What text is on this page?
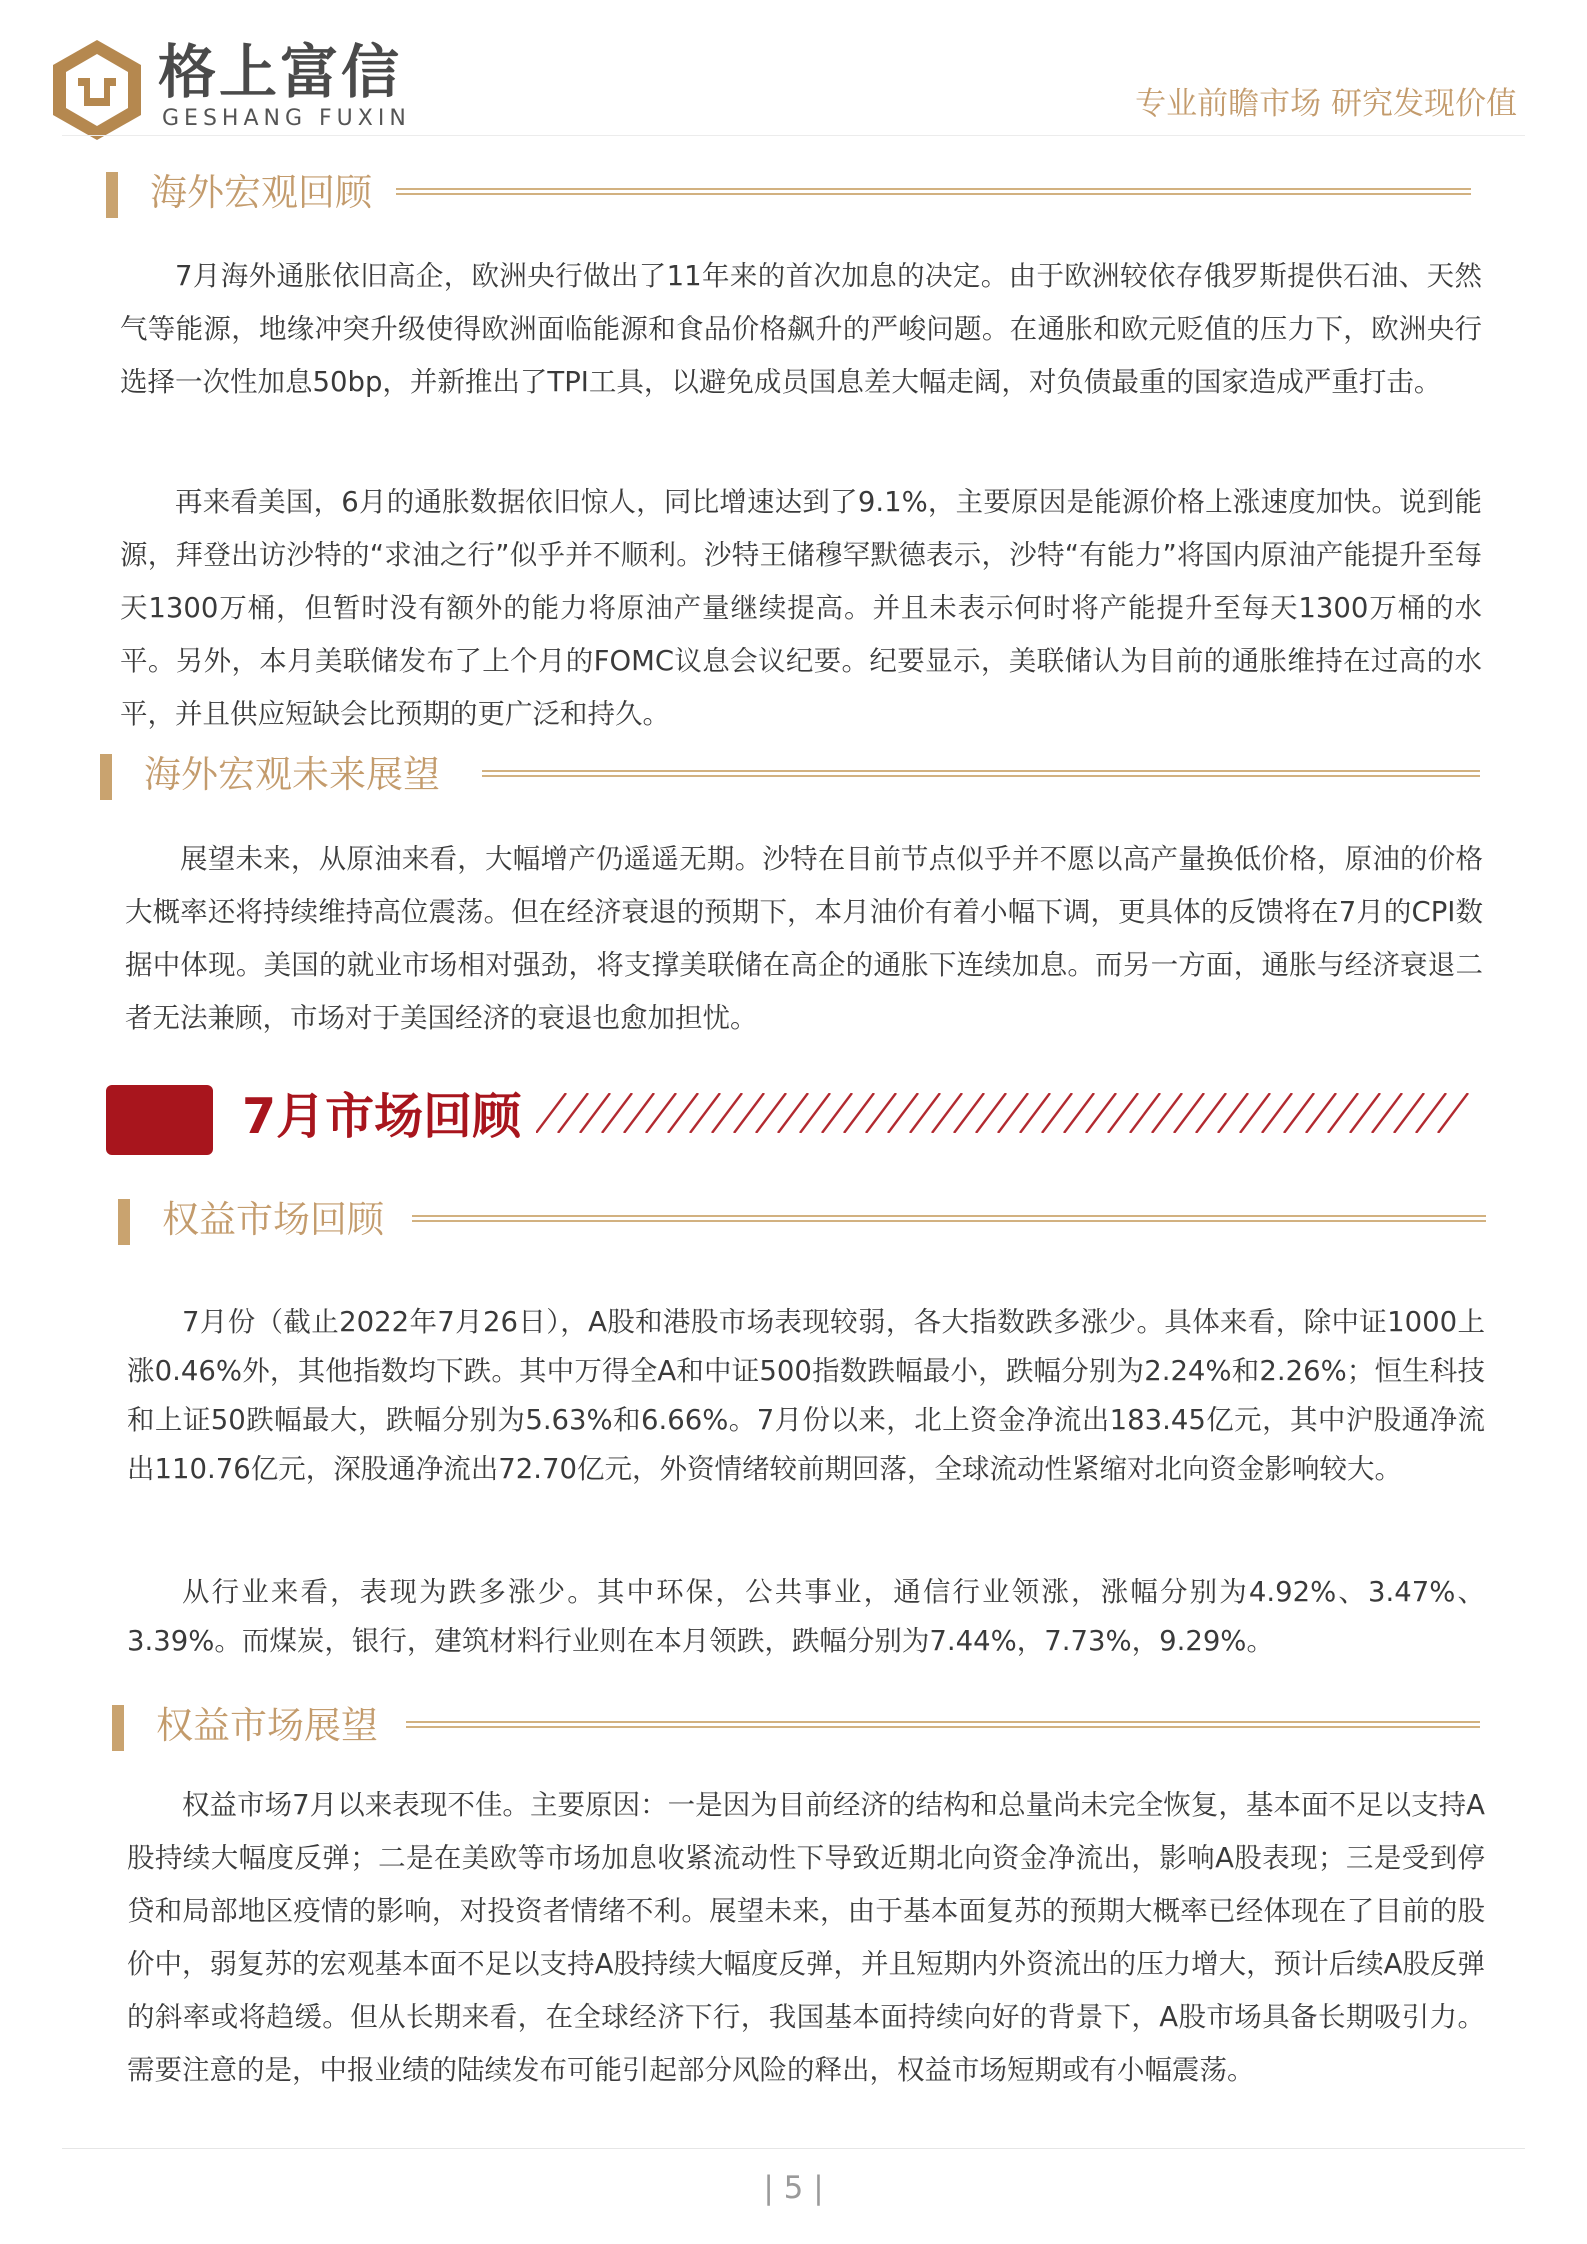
格上富信
GESHANG FUXIN	专业前瞻市场 研究发现价值
海外宏观回顾

7月海外通胀依旧高企，欧洲央行做出了11年来的首次加息的决定。由于欧洲较依存俄罗斯提供石油、天然气等能源，地缘冲突升级使得欧洲面临能源和食品价格飙升的严峻问题。在通胀和欧元贬值的压力下，欧洲央行选择一次性加息50bp，并新推出了TPI工具，以避免成员国息差大幅走阔，对负债最重的国家造成严重打击。

再来看美国，6月的通胀数据依旧惊人，同比增速达到了9.1%，主要原因是能源价格上涨速度加快。说到能源，拜登出访沙特的“求油之行”似乎并不顺利。沙特王储穆罕默德表示，沙特“有能力”将国内原油产能提升至每天1300万桶，但暂时没有额外的能力将原油产量继续提高。并且未表示何时将产能提升至每天1300万桶的水平。另外，本月美联储发布了上个月的FOMC议息会议纪要。纪要显示，美联储认为目前的通胀维持在过高的水平，并且供应短缺会比预期的更广泛和持久。

海外宏观未来展望

展望未来，从原油来看，大幅增产仍遥遥无期。沙特在目前节点似乎并不愿以高产量换低价格，原油的价格大概率还将持续维持高位震荡。但在经济衰退的预期下，本月油价有着小幅下调，更具体的反馈将在7月的CPI数据中体现。美国的就业市场相对强劲，将支撑美联储在高企的通胀下连续加息。而另一方面，通胀与经济衰退二者无法兼顾，市场对于美国经济的衰退也愈加担忧。

7月市场回顾
权益市场回顾

7月份（截止2022年7月26日），A股和港股市场表现较弱，各大指数跌多涨少。具体来看，除中证1000上涨0.46%外，其他指数均下跌。其中万得全A和中证500指数跌幅最小，跌幅分别为2.24%和2.26%；恒生科技和上证50跌幅最大，跌幅分别为5.63%和6.66%。7月份以来，北上资金净流出183.45亿元，其中沪股通净流出110.76亿元，深股通净流出72.70亿元，外资情绪较前期回落，全球流动性紧缩对北向资金影响较大。

从行业来看，表现为跌多涨少。其中环保，公共事业，通信行业领涨，涨幅分别为4.92%、3.47%、3.39%。而煤炭，银行，建筑材料行业则在本月领跌，跌幅分别为7.44%，7.73%，9.29%。

权益市场展望

权益市场7月以来表现不佳。主要原因：一是因为目前经济的结构和总量尚未完全恢复，基本面不足以支持A股持续大幅度反弹；二是在美欧等市场加息收紧流动性下导致近期北向资金净流出，影响A股表现；三是受到停贷和局部地区疫情的影响，对投资者情绪不利。展望未来，由于基本面复苏的预期大概率已经体现在了目前的股价中，弱复苏的宏观基本面不足以支持A股持续大幅度反弹，并且短期内外资流出的压力增大，预计后续A股反弹的斜率或将趋缓。但从长期来看，在全球经济下行，我国基本面持续向好的背景下，A股市场具备长期吸引力。需要注意的是，中报业绩的陆续发布可能引起部分风险的释出，权益市场短期或有小幅震荡。

| 5 |
